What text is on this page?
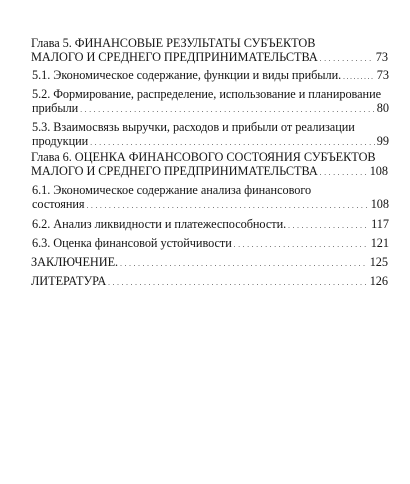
Глава 5. ФИНАНСОВЫЕ РЕЗУЛЬТАТЫ СУБЪЕКТОВ
МАЛОГО И СРЕДНЕГО ПРЕДПРИНИМАТЕЛЬСТВА . . .	73
5.1. Экономическое содержание, функции и виды прибыли. . . .	73
5.2. Формирование, распределение, использование и планирование
прибыли . . .	80
5.3. Взаимосвязь выручки, расходов и прибыли от реализации
продукции . . .	99
Глава 6. ОЦЕНКА ФИНАНСОВОГО СОСТОЯНИЯ СУБЪЕКТОВ
МАЛОГО И СРЕДНЕГО ПРЕДПРИНИМАТЕЛЬСТВА . . .	108
6.1. Экономическое содержание анализа финансового
состояния . . .	108
6.2. Анализ ликвидности и платежеспособности. . . .	117
6.3. Оценка финансовой устойчивости . . .	121
ЗАКЛЮЧЕНИЕ. . . .	125
ЛИТЕРАТУРА . . .	126
